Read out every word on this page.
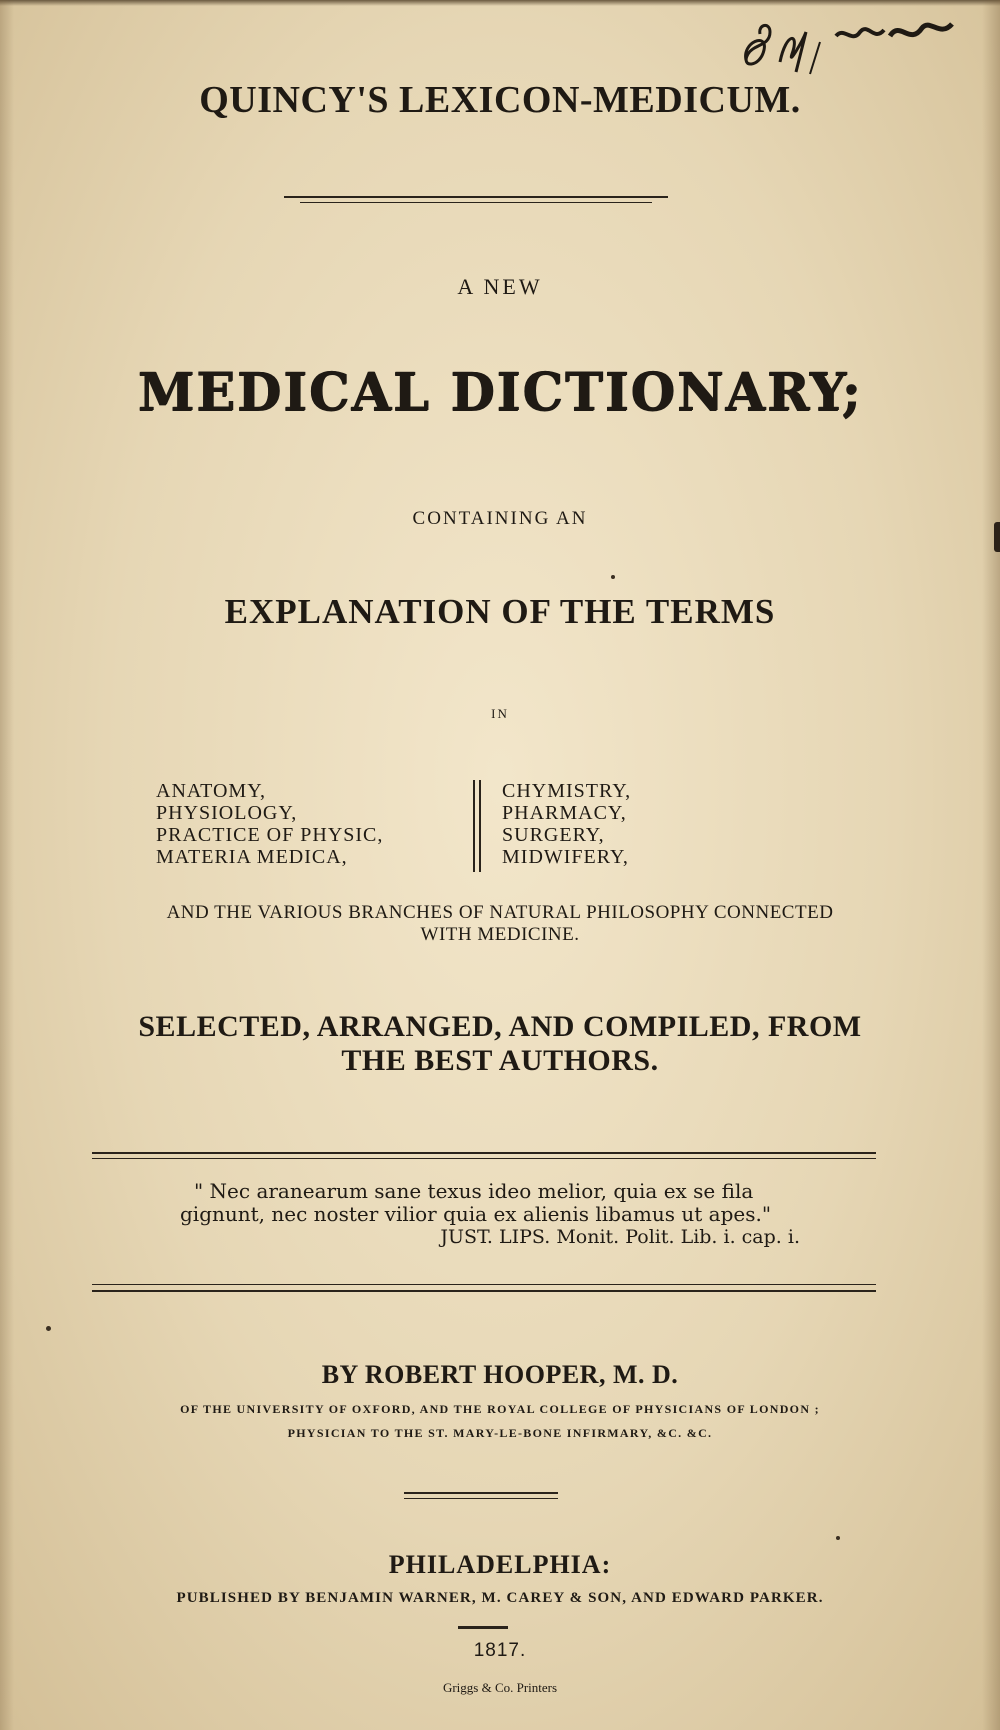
QUINCY'S LEXICON-MEDICUM.
A NEW
MEDICAL DICTIONARY;
CONTAINING AN
EXPLANATION OF THE TERMS
IN
ANATOMY,
PHYSIOLOGY,
PRACTICE OF PHYSIC,
MATERIA MEDICA,
CHYMISTRY,
PHARMACY,
SURGERY,
MIDWIFERY,
AND THE VARIOUS BRANCHES OF NATURAL PHILOSOPHY CONNECTED
WITH MEDICINE.
SELECTED, ARRANGED, AND COMPILED, FROM
THE BEST AUTHORS.
" Nec aranearum sane texus ideo melior, quia ex se fila
gignunt, nec noster vilior quia ex alienis libamus ut apes."
JUST. LIPS. Monit. Polit. Lib. i. cap. i.
BY ROBERT HOOPER, M. D.
OF THE UNIVERSITY OF OXFORD, AND THE ROYAL COLLEGE OF PHYSICIANS OF LONDON ;
PHYSICIAN TO THE ST. MARY-LE-BONE INFIRMARY, &C. &C.
PHILADELPHIA:
PUBLISHED BY BENJAMIN WARNER, M. CAREY & SON, AND EDWARD PARKER.
1817.
Griggs & Co. Printers
